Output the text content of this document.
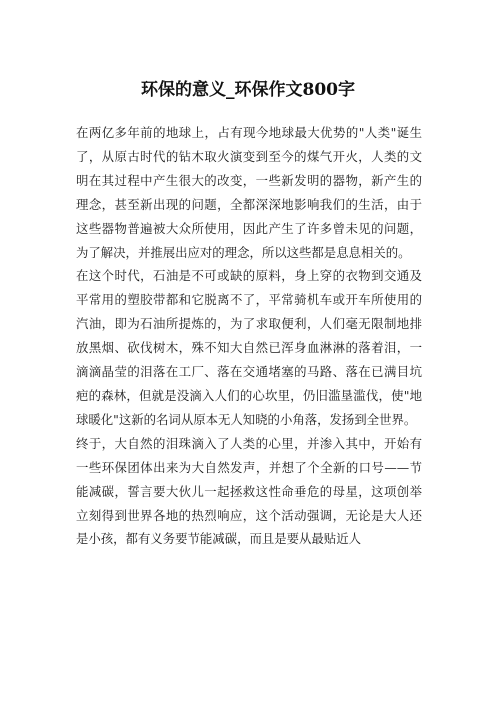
环保的意义_环保作文800字

在两亿多年前的地球上，占有现今地球最大优势的"人类"诞生了，从原古时代的钻木取火演变到至今的煤气开火，人类的文明在其过程中产生很大的改变，一些新发明的器物，新产生的理念，甚至新出现的问题，全都深深地影响我们的生活，由于这些器物普遍被大众所使用，因此产生了许多曾未见的问题，为了解决，并推展出应对的理念，所以这些都是息息相关的。

在这个时代，石油是不可或缺的原料，身上穿的衣物到交通及平常用的塑胶带都和它脱离不了，平常骑机车或开车所使用的汽油，即为石油所提炼的，为了求取便利，人们毫无限制地排放黑烟、砍伐树木，殊不知大自然已浑身血淋淋的落着泪，一滴滴晶莹的泪落在工厂、落在交通堵塞的马路、落在已满目坑疤的森林，但就是没滴入人们的心坎里，仍旧滥垦滥伐，使"地球暖化"这新的名词从原本无人知晓的小角落，发扬到全世界。

终于，大自然的泪珠滴入了人类的心里，并渗入其中，开始有一些环保团体出来为大自然发声，并想了个全新的口号——节能减碳，誓言要大伙儿一起拯救这性命垂危的母星，这项创举立刻得到世界各地的热烈响应，这个活动强调，无论是大人还是小孩，都有义务要节能减碳，而且是要从最贴近人
